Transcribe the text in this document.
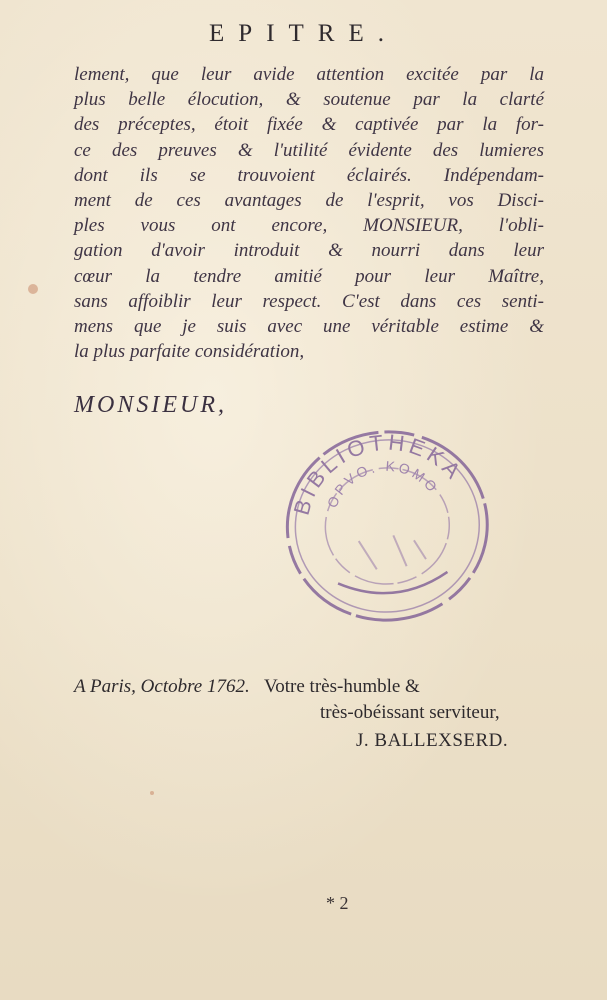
EPITRE.
lement, que leur avide attention excitée par la
plus belle élocution, & soutenue par la clarté
des préceptes, étoit fixée & captivée par la for-
ce des preuves & l'utilité évidente des lumieres
dont ils se trouvoient éclairés. Indépendam-
ment de ces avantages de l'esprit, vos Disci-
ples vous ont encore, MONSIEUR, l'obli-
gation d'avoir introduit & nourri dans leur
cœur la tendre amitié pour leur Maître,
sans affoiblir leur respect. C'est dans ces senti-
mens que je suis avec une véritable estime &
la plus parfaite considération,
MONSIEUR,
BIBLIOTHEKA
OPVO. KOMO
A Paris, Octobre 1762. Votre très-humble &
très-obéissant serviteur,
J. BALLEXSERD.
* 2
